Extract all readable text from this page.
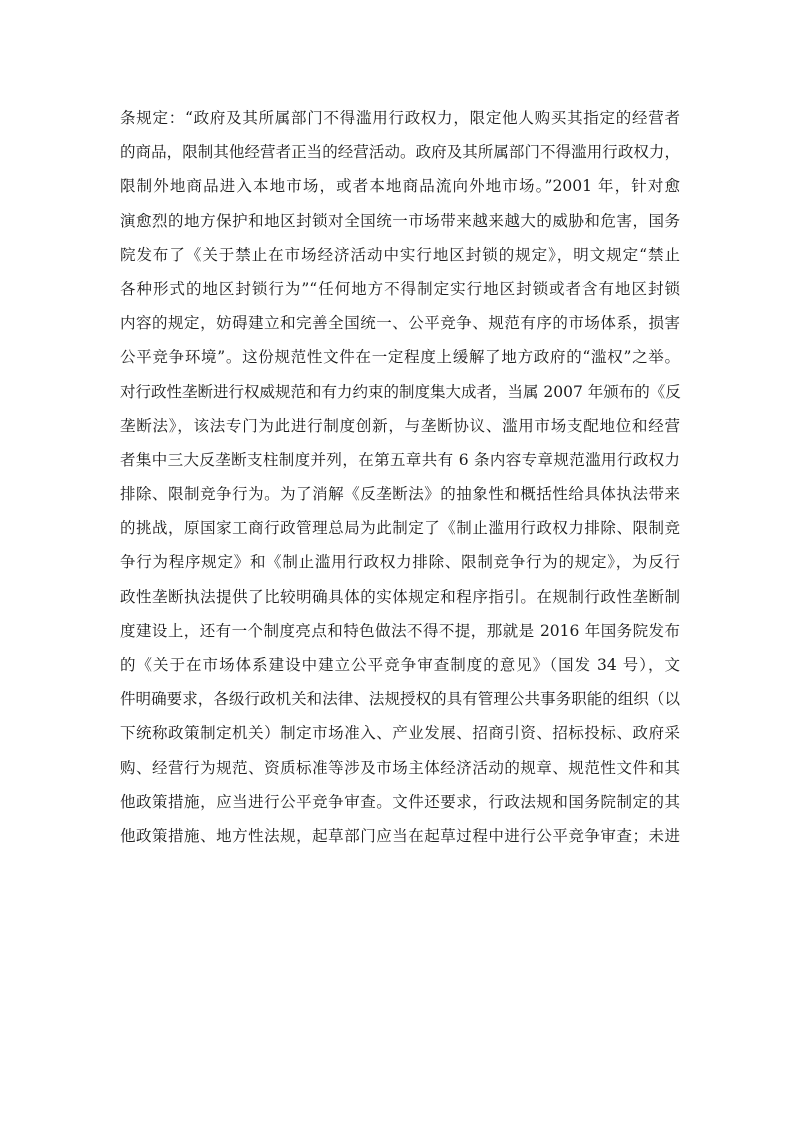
条规定：“政府及其所属部门不得滥用行政权力，限定他人购买其指定的经营者
的商品，限制其他经营者正当的经营活动。政府及其所属部门不得滥用行政权力，
限制外地商品进入本地市场，或者本地商品流向外地市场。”2001 年，针对愈
演愈烈的地方保护和地区封锁对全国统一市场带来越来越大的威胁和危害，国务
院发布了《关于禁止在市场经济活动中实行地区封锁的规定》，明文规定“禁止
各种形式的地区封锁行为”“任何地方不得制定实行地区封锁或者含有地区封锁
内容的规定，妨碍建立和完善全国统一、公平竞争、规范有序的市场体系，损害
公平竞争环境”。这份规范性文件在一定程度上缓解了地方政府的“滥权”之举。
对行政性垄断进行权威规范和有力约束的制度集大成者，当属 2007 年颁布的《反
垄断法》，该法专门为此进行制度创新，与垄断协议、滥用市场支配地位和经营
者集中三大反垄断支柱制度并列，在第五章共有 6 条内容专章规范滥用行政权力
排除、限制竞争行为。为了消解《反垄断法》的抽象性和概括性给具体执法带来
的挑战，原国家工商行政管理总局为此制定了《制止滥用行政权力排除、限制竞
争行为程序规定》和《制止滥用行政权力排除、限制竞争行为的规定》，为反行
政性垄断执法提供了比较明确具体的实体规定和程序指引。在规制行政性垄断制
度建设上，还有一个制度亮点和特色做法不得不提，那就是 2016 年国务院发布
的《关于在市场体系建设中建立公平竞争审查制度的意见》（国发 34 号），文
件明确要求，各级行政机关和法律、法规授权的具有管理公共事务职能的组织（以
下统称政策制定机关）制定市场准入、产业发展、招商引资、招标投标、政府采
购、经营行为规范、资质标准等涉及市场主体经济活动的规章、规范性文件和其
他政策措施，应当进行公平竞争审查。文件还要求，行政法规和国务院制定的其
他政策措施、地方性法规，起草部门应当在起草过程中进行公平竞争审查；未进
